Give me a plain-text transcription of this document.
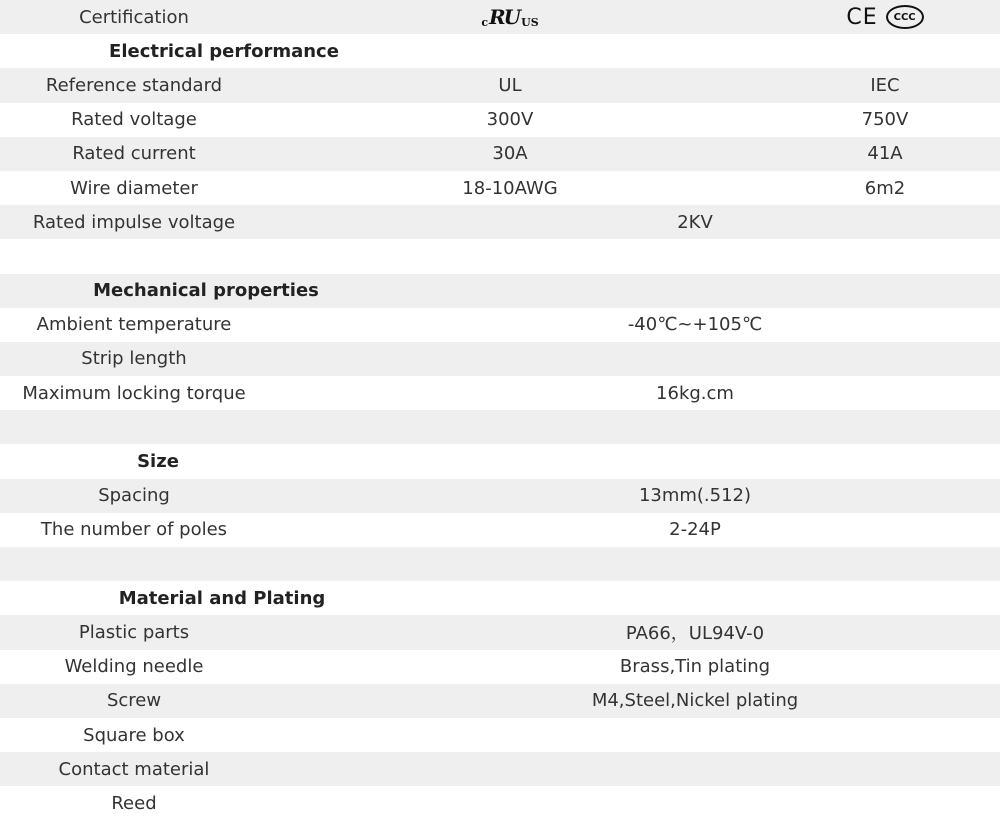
Certification	c RU US	CE	CCC
Electrical performance
Reference standard	UL	IEC
Rated voltage	300V	750V
Rated current	30A	41A
Wire diameter	18-10AWG	6m2
Rated impulse voltage	2KV
Mechanical properties
Ambient temperature	-40℃~+105℃
Strip length
Maximum locking torque	16kg.cm
Size
Spacing	13mm(.512)
The number of poles	2-24P
Material and Plating
Plastic parts	PA66，UL94V-0
Welding needle	Brass,Tin plating
Screw	M4,Steel,Nickel plating
Square box
Contact material
Reed
